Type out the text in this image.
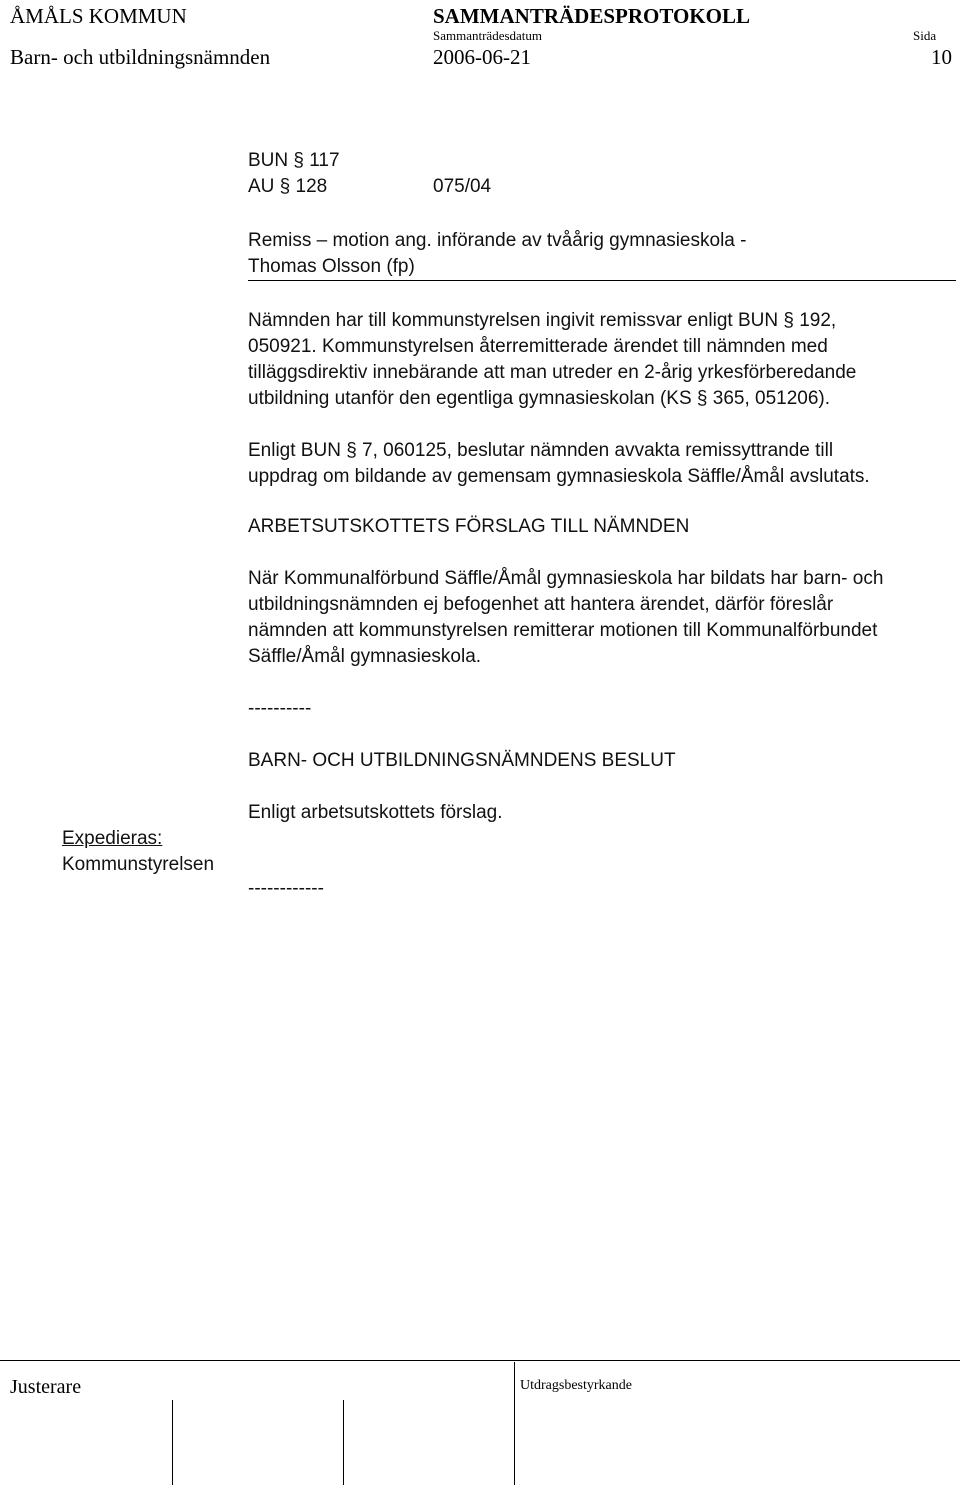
ÅMÅLS KOMMUN	SAMMANTRÄDESPROTOKOLL
Sammanträdesdatum	Sida
Barn- och utbildningsnämnden	2006-06-21	10
BUN § 117
AU § 128	075/04
Remiss – motion ang. införande av tvåårig gymnasieskola -
Thomas Olsson (fp)
Nämnden har till kommunstyrelsen ingivit remissvar enligt BUN § 192,
050921. Kommunstyrelsen återremitterade ärendet till nämnden med
tilläggsdirektiv innebärande att man utreder en 2-årig yrkesförberedande
utbildning utanför den egentliga gymnasieskolan (KS § 365, 051206).
Enligt BUN § 7, 060125, beslutar nämnden avvakta remissyttrande till
uppdrag om bildande av gemensam gymnasieskola Säffle/Åmål avslutats.
ARBETSUTSKOTTETS FÖRSLAG TILL NÄMNDEN
När Kommunalförbund Säffle/Åmål gymnasieskola har bildats har barn- och
utbildningsnämnden ej befogenhet att hantera ärendet, därför föreslår
nämnden att kommunstyrelsen remitterar motionen till Kommunalförbundet
Säffle/Åmål gymnasieskola.
----------
BARN- OCH UTBILDNINGSNÄMNDENS BESLUT
Enligt arbetsutskottets förslag.
Expedieras:
Kommunstyrelsen
------------
Justerare	Utdragsbestyrkande
